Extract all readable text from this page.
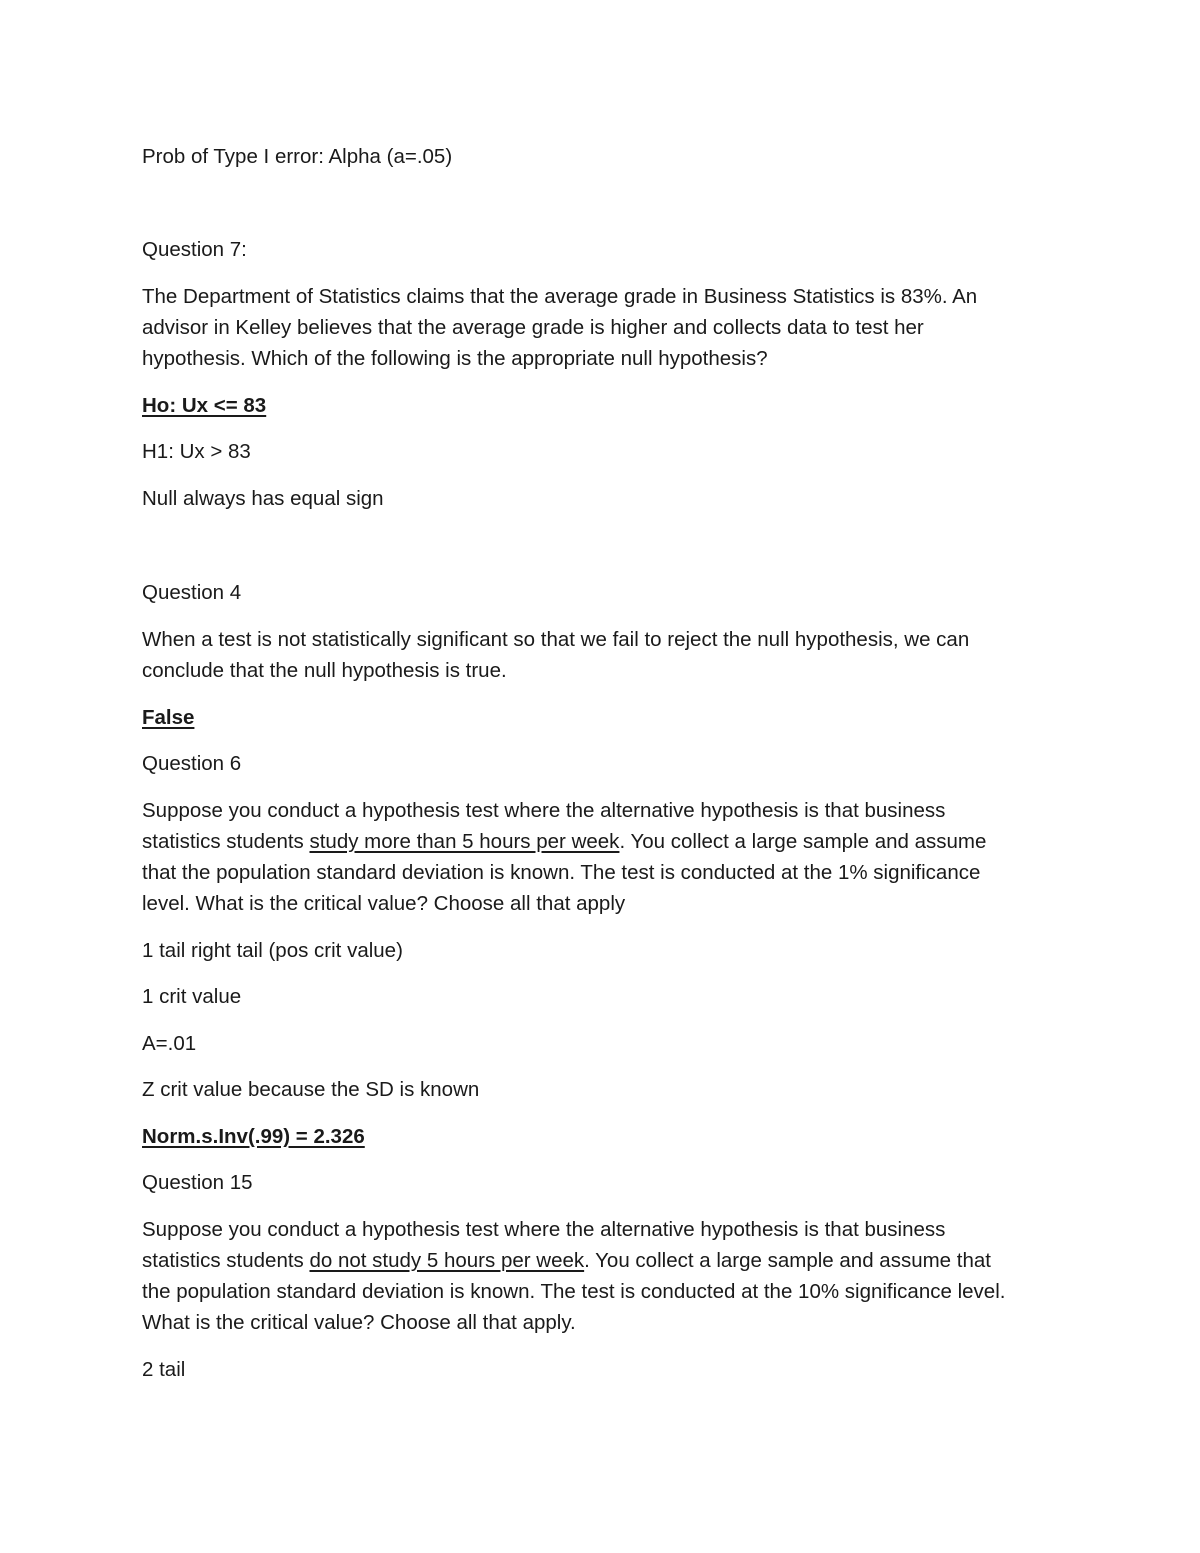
Prob of Type I error: Alpha (a=.05)

Question 7:

The Department of Statistics claims that the average grade in Business Statistics is 83%. An

advisor in Kelley believes that the average grade is higher and collects data to test her

hypothesis. Which of the following is the appropriate null hypothesis?

Ho: Ux <= 83

H1: Ux > 83

Null always has equal sign

Question 4

When a test is not statistically significant so that we fail to reject the null hypothesis, we can

conclude that the null hypothesis is true.

False

Question 6

Suppose you conduct a hypothesis test where the alternative hypothesis is that business

statistics students study more than 5 hours per week. You collect a large sample and assume

that the population standard deviation is known. The test is conducted at the 1% significance

level. What is the critical value? Choose all that apply

1 tail right tail (pos crit value)

1 crit value

A=.01

Z crit value because the SD is known

Norm.s.Inv(.99) = 2.326

Question 15

Suppose you conduct a hypothesis test where the alternative hypothesis is that business

statistics students do not study 5 hours per week. You collect a large sample and assume that

the population standard deviation is known. The test is conducted at the 10% significance level.

What is the critical value? Choose all that apply.

2 tail
